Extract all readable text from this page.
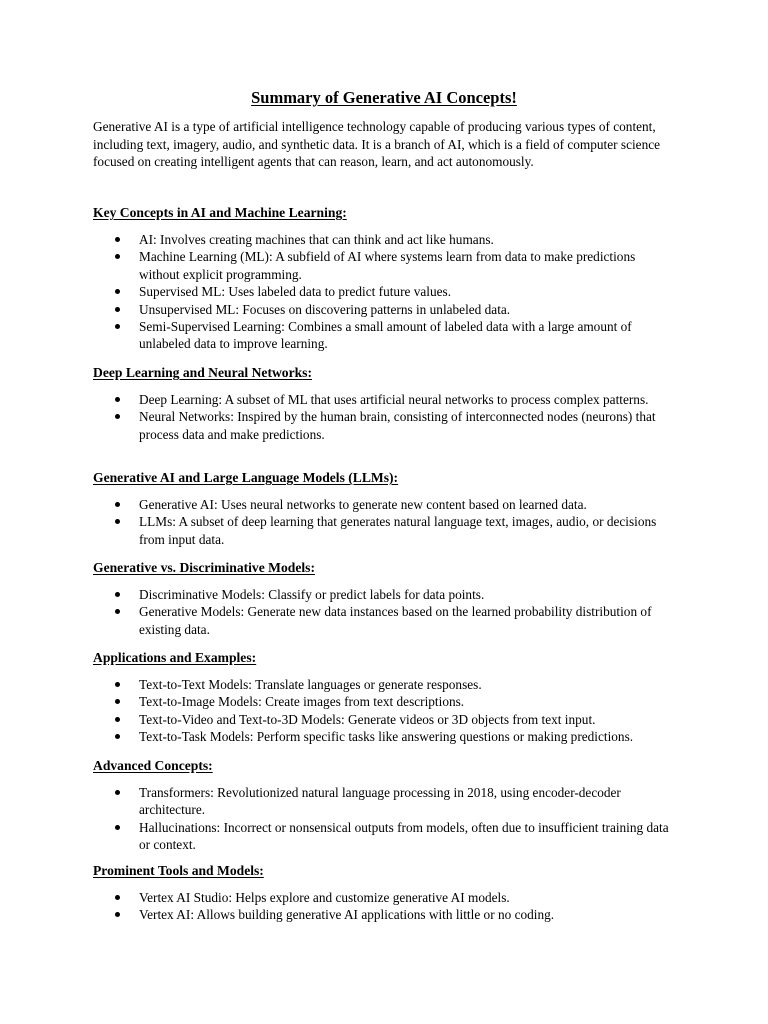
Summary of Generative AI Concepts!

Generative AI is a type of artificial intelligence technology capable of producing various types of content, including text, imagery, audio, and synthetic data. It is a branch of AI, which is a field of computer science focused on creating intelligent agents that can reason, learn, and act autonomously.

Key Concepts in AI and Machine Learning:
AI: Involves creating machines that can think and act like humans.
Machine Learning (ML): A subfield of AI where systems learn from data to make predictions without explicit programming.
Supervised ML: Uses labeled data to predict future values.
Unsupervised ML: Focuses on discovering patterns in unlabeled data.
Semi-Supervised Learning: Combines a small amount of labeled data with a large amount of unlabeled data to improve learning.
Deep Learning and Neural Networks:
Deep Learning: A subset of ML that uses artificial neural networks to process complex patterns.
Neural Networks: Inspired by the human brain, consisting of interconnected nodes (neurons) that process data and make predictions.
Generative AI and Large Language Models (LLMs):
Generative AI: Uses neural networks to generate new content based on learned data.
LLMs: A subset of deep learning that generates natural language text, images, audio, or decisions from input data.
Generative vs. Discriminative Models:
Discriminative Models: Classify or predict labels for data points.
Generative Models: Generate new data instances based on the learned probability distribution of existing data.
Applications and Examples:
Text-to-Text Models: Translate languages or generate responses.
Text-to-Image Models: Create images from text descriptions.
Text-to-Video and Text-to-3D Models: Generate videos or 3D objects from text input.
Text-to-Task Models: Perform specific tasks like answering questions or making predictions.
Advanced Concepts:
Transformers: Revolutionized natural language processing in 2018, using encoder-decoder architecture.
Hallucinations: Incorrect or nonsensical outputs from models, often due to insufficient training data or context.
Prominent Tools and Models:
Vertex AI Studio: Helps explore and customize generative AI models.
Vertex AI: Allows building generative AI applications with little or no coding.
